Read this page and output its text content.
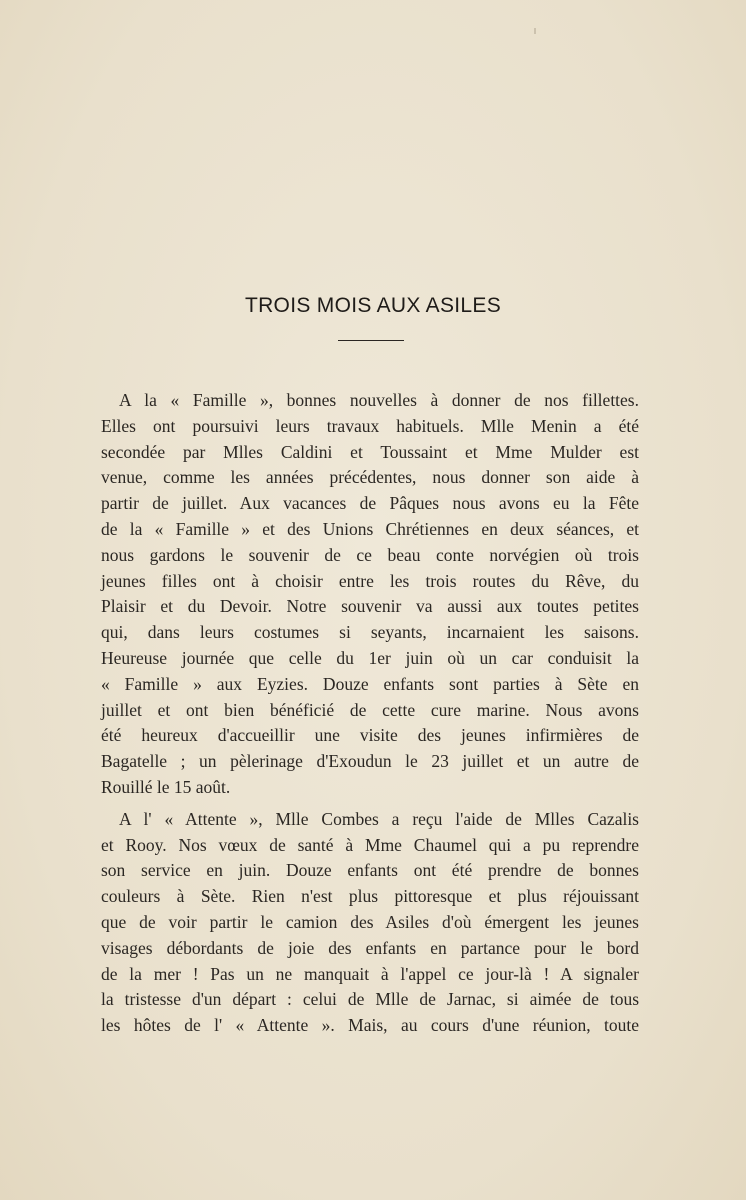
TROIS MOIS AUX ASILES
A la « Famille », bonnes nouvelles à donner de nos fillettes.
Elles ont poursuivi leurs travaux habituels. Mlle Menin a été
secondée par Mlles Caldini et Toussaint et Mme Mulder est
venue, comme les années précédentes, nous donner son aide à
partir de juillet. Aux vacances de Pâques nous avons eu la Fête
de la « Famille » et des Unions Chrétiennes en deux séances, et
nous gardons le souvenir de ce beau conte norvégien où trois
jeunes filles ont à choisir entre les trois routes du Rêve, du
Plaisir et du Devoir. Notre souvenir va aussi aux toutes petites
qui, dans leurs costumes si seyants, incarnaient les saisons.
Heureuse journée que celle du 1er juin où un car conduisit la
« Famille » aux Eyzies. Douze enfants sont parties à Sète en
juillet et ont bien bénéficié de cette cure marine. Nous avons
été heureux d'accueillir une visite des jeunes infirmières de
Bagatelle ; un pèlerinage d'Exoudun le 23 juillet et un autre de
Rouillé le 15 août.
A l' « Attente », Mlle Combes a reçu l'aide de Mlles Cazalis
et Rooy. Nos vœux de santé à Mme Chaumel qui a pu reprendre
son service en juin. Douze enfants ont été prendre de bonnes
couleurs à Sète. Rien n'est plus pittoresque et plus réjouissant
que de voir partir le camion des Asiles d'où émergent les jeunes
visages débordants de joie des enfants en partance pour le bord
de la mer ! Pas un ne manquait à l'appel ce jour-là ! A signaler
la tristesse d'un départ : celui de Mlle de Jarnac, si aimée de tous
les hôtes de l' « Attente ». Mais, au cours d'une réunion, toute
